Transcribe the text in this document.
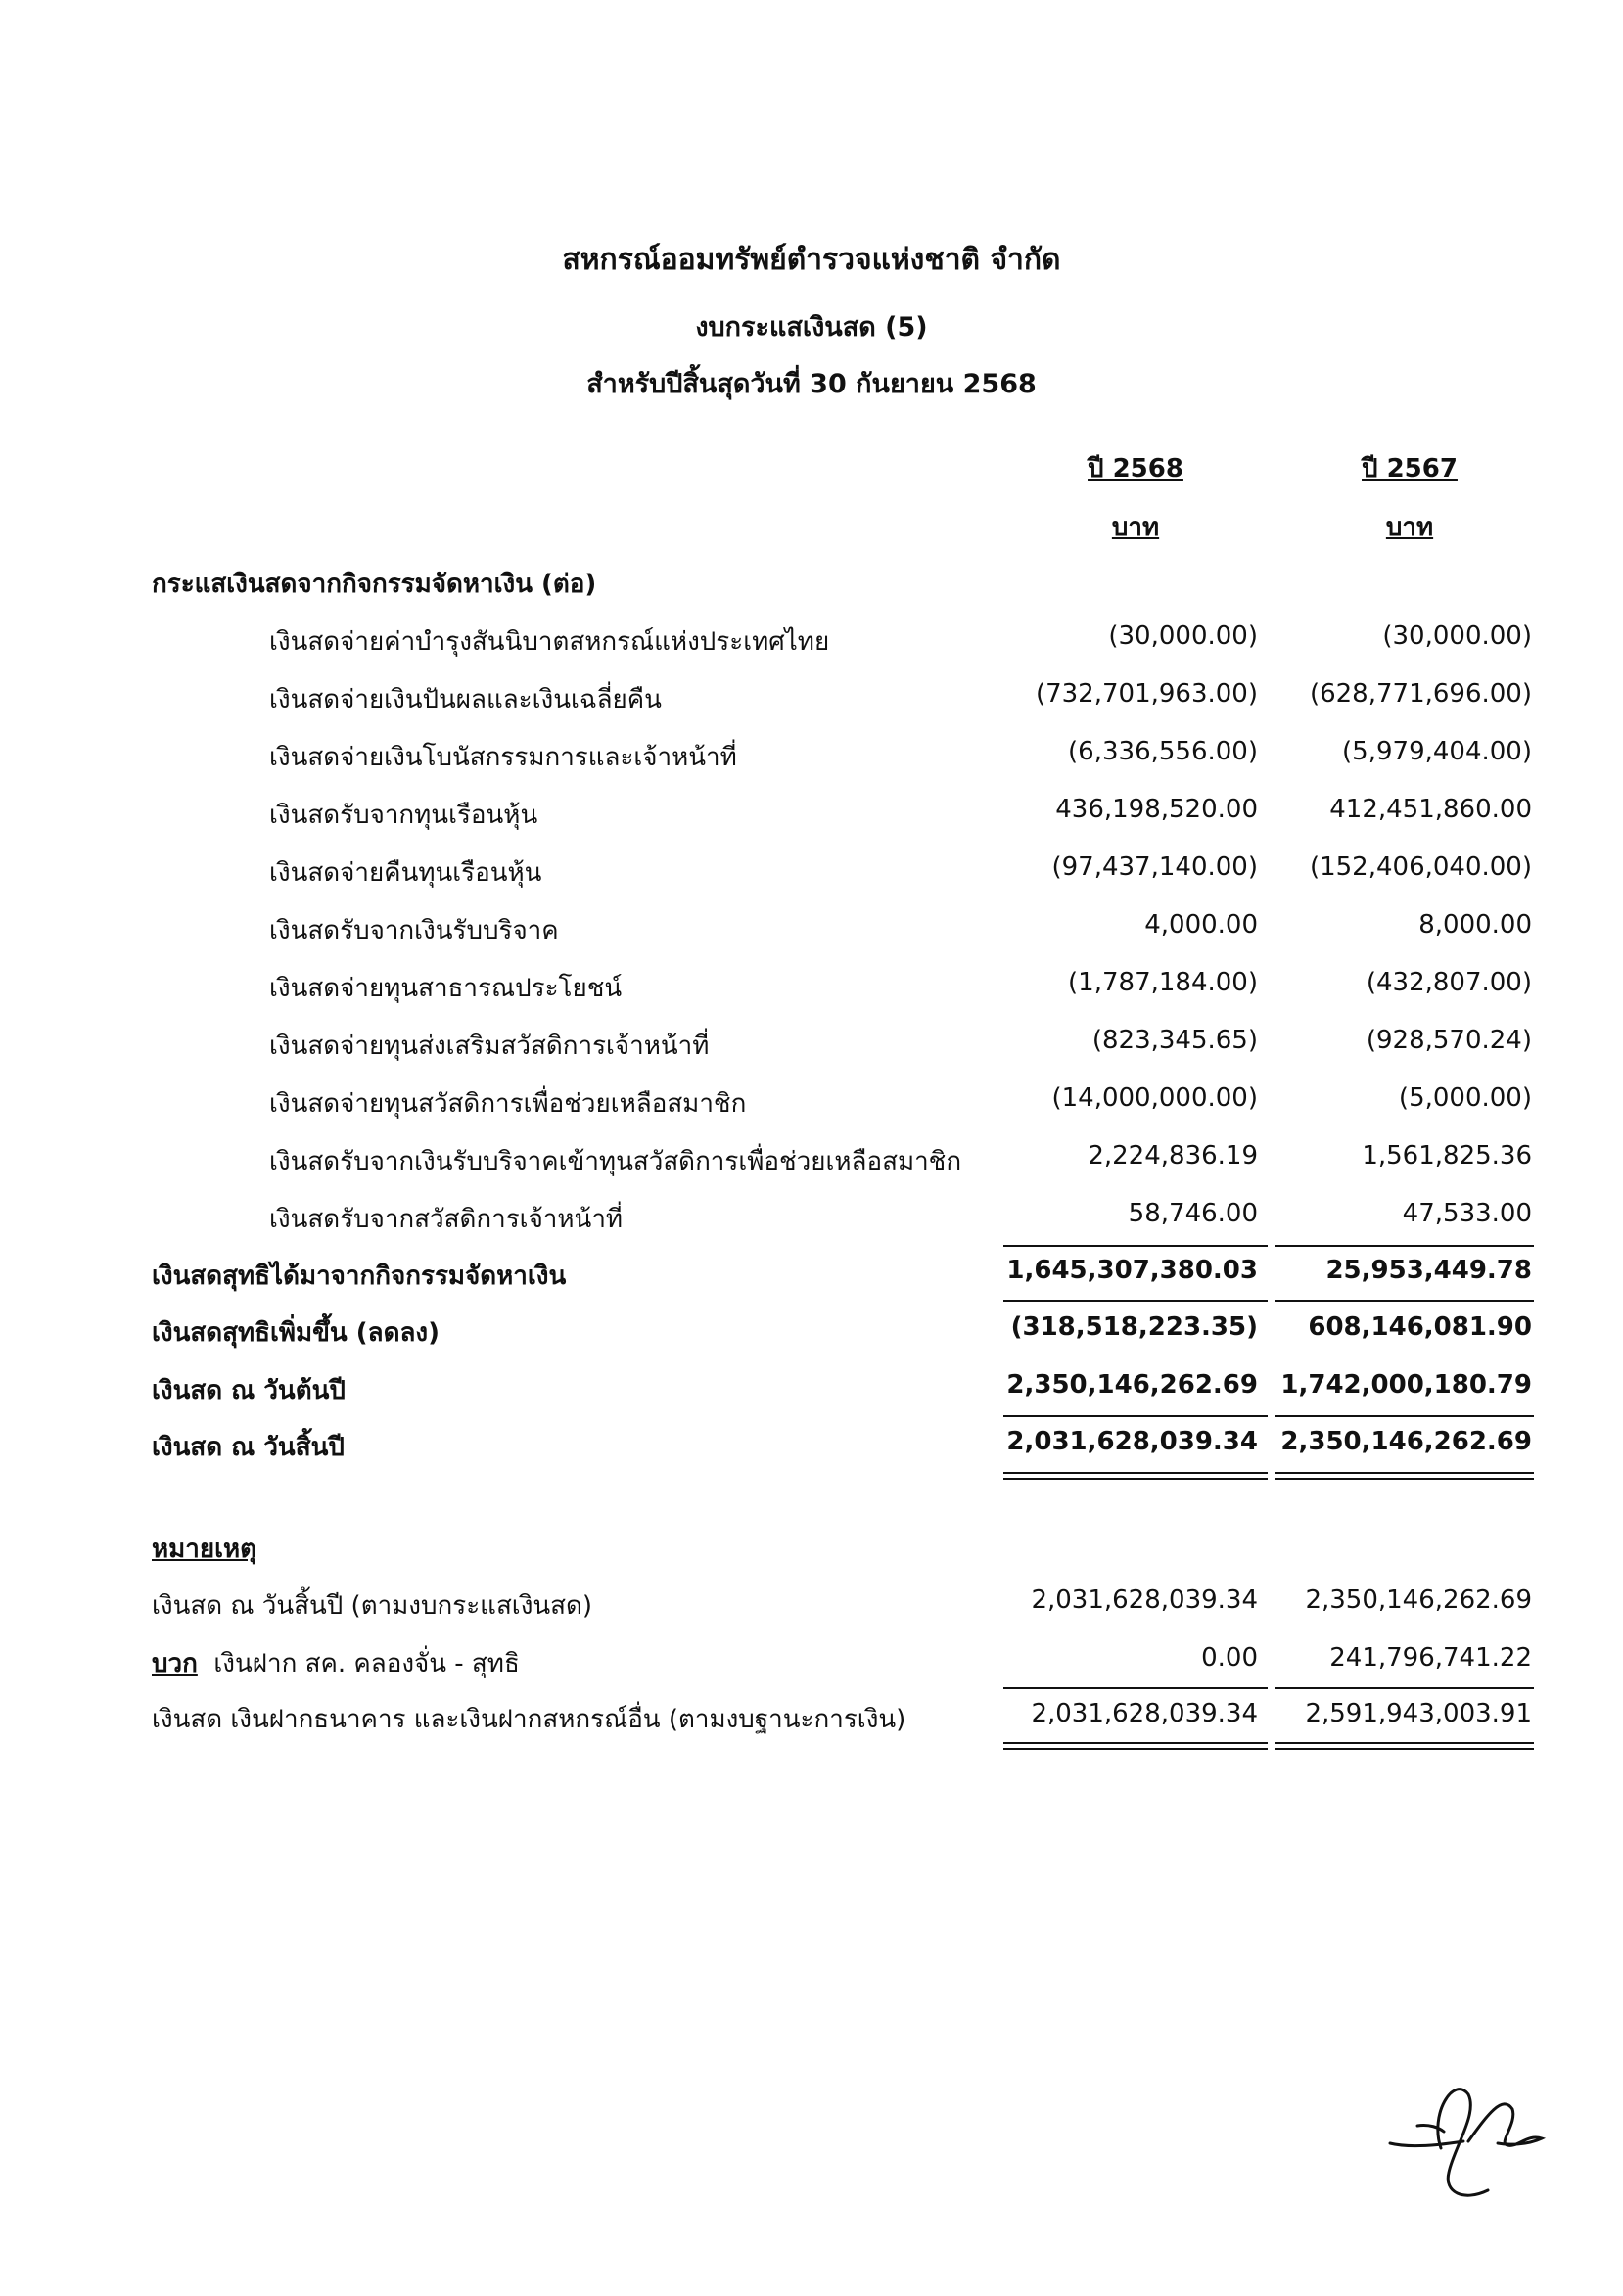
สหกรณ์ออมทรัพย์ตำรวจแห่งชาติ จำกัด
งบกระแสเงินสด (5)
สำหรับปีสิ้นสุดวันที่ 30 กันยายน 2568
ปี 2568	ปี 2567
บาท	บาท
กระแสเงินสดจากกิจกรรมจัดหาเงิน (ต่อ)
เงินสดจ่ายค่าบำรุงสันนิบาตสหกรณ์แห่งประเทศไทย	(30,000.00)	(30,000.00)
เงินสดจ่ายเงินปันผลและเงินเฉลี่ยคืน	(732,701,963.00)	(628,771,696.00)
เงินสดจ่ายเงินโบนัสกรรมการและเจ้าหน้าที่	(6,336,556.00)	(5,979,404.00)
เงินสดรับจากทุนเรือนหุ้น	436,198,520.00	412,451,860.00
เงินสดจ่ายคืนทุนเรือนหุ้น	(97,437,140.00)	(152,406,040.00)
เงินสดรับจากเงินรับบริจาค	4,000.00	8,000.00
เงินสดจ่ายทุนสาธารณประโยชน์	(1,787,184.00)	(432,807.00)
เงินสดจ่ายทุนส่งเสริมสวัสดิการเจ้าหน้าที่	(823,345.65)	(928,570.24)
เงินสดจ่ายทุนสวัสดิการเพื่อช่วยเหลือสมาชิก	(14,000,000.00)	(5,000.00)
เงินสดรับจากเงินรับบริจาคเข้าทุนสวัสดิการเพื่อช่วยเหลือสมาชิก	2,224,836.19	1,561,825.36
เงินสดรับจากสวัสดิการเจ้าหน้าที่	58,746.00	47,533.00
เงินสดสุทธิได้มาจากกิจกรรมจัดหาเงิน	1,645,307,380.03	25,953,449.78
เงินสดสุทธิเพิ่มขึ้น (ลดลง)	(318,518,223.35)	608,146,081.90
เงินสด ณ วันต้นปี	2,350,146,262.69 1,742,000,180.79
เงินสด ณ วันสิ้นปี	2,031,628,039.34 2,350,146,262.69
หมายเหตุ
เงินสด ณ วันสิ้นปี (ตามงบกระแสเงินสด)	2,031,628,039.34	2,350,146,262.69
บวก เงินฝาก สค. คลองจั่น - สุทธิ	0.00	241,796,741.22
เงินสด เงินฝากธนาคาร และเงินฝากสหกรณ์อื่น (ตามงบฐานะการเงิน)	2,031,628,039.34	2,591,943,003.91
